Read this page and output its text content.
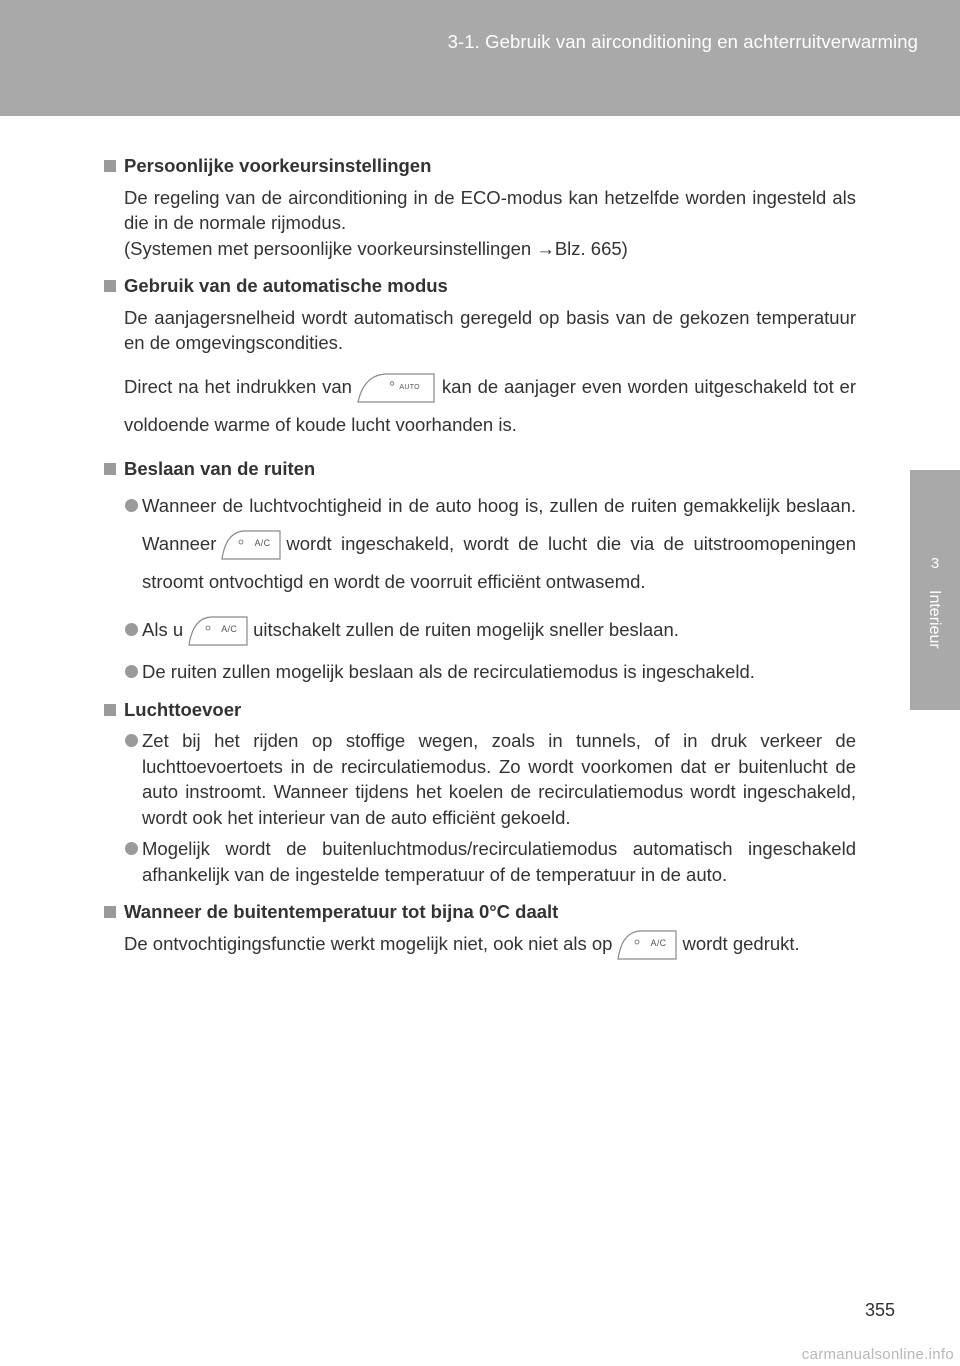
3-1. Gebruik van airconditioning en achterruitverwarming
3
Interieur

Persoonlijke voorkeursinstellingen

De regeling van de airconditioning in de ECO-modus kan hetzelfde worden ingesteld als die in de normale rijmodus.

(Systemen met persoonlijke voorkeursinstellingen →Blz. 665)

Gebruik van de automatische modus

De aanjagersnelheid wordt automatisch geregeld op basis van de gekozen temperatuur en de omgevingscondities.

Direct na het indrukken van	AUTO kan de aanjager even worden uitgeschakeld tot er voldoende warme of koude lucht voorhanden is.

Beslaan van de ruiten

Wanneer de luchtvochtigheid in de auto hoog is, zullen de ruiten gemakkelijk beslaan. Wanneer	A/C wordt ingeschakeld, wordt de lucht die via de uitstroomopeningen stroomt ontvochtigd en wordt de voorruit efficiënt ontwasemd.
Als u	A/C uitschakelt zullen de ruiten mogelijk sneller beslaan.
De ruiten zullen mogelijk beslaan als de recirculatiemodus is ingeschakeld.

Luchttoevoer

Zet bij het rijden op stoffige wegen, zoals in tunnels, of in druk verkeer de luchttoevoertoets in de recirculatiemodus. Zo wordt voorkomen dat er buitenlucht de auto instroomt. Wanneer tijdens het koelen de recirculatiemodus wordt ingeschakeld, wordt ook het interieur van de auto efficiënt gekoeld.
Mogelijk wordt de buitenluchtmodus/recirculatiemodus automatisch ingeschakeld afhankelijk van de ingestelde temperatuur of de temperatuur in de auto.

Wanneer de buitentemperatuur tot bijna 0°C daalt

De ontvochtigingsfunctie werkt mogelijk niet, ook niet als op	A/C wordt gedrukt.

355
carmanualsonline.info
